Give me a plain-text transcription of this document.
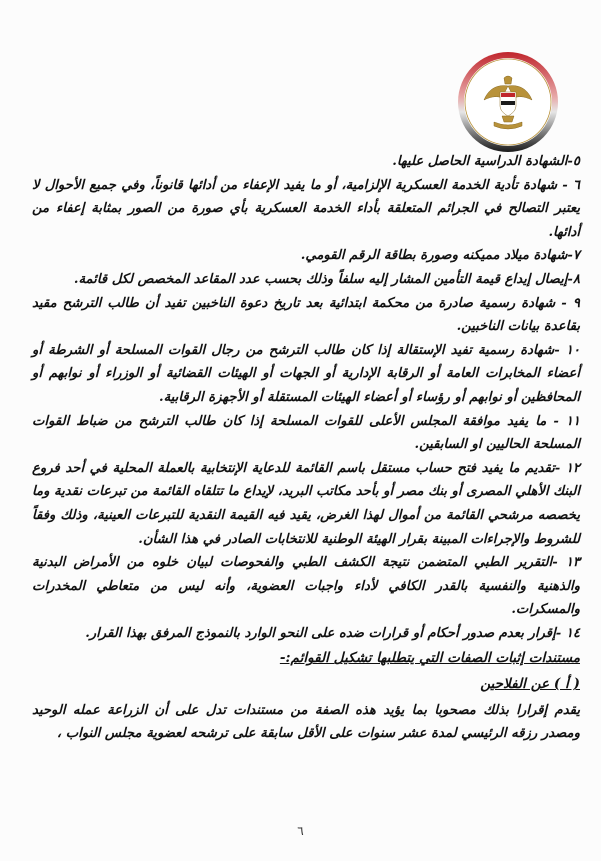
٥-الشهادة الدراسية الحاصل عليها.

٦ - شهادة تأدية الخدمة العسكرية الإلزامية، أو ما يفيد الإعفاء من أدائها قانوناً، وفي جميع الأحوال لا يعتبر التصالح في الجرائم المتعلقة بأداء الخدمة العسكرية بأي صورة من الصور بمثابة إعفاء من أدائها.

٧-شهادة ميلاد مميكنه وصورة بطاقة الرقم القومي.

٨-إيصال إيداع قيمة التأمين المشار إليه سلفاً وذلك بحسب عدد المقاعد المخصص لكل قائمة.

٩ - شهادة رسمية صادرة من محكمة ابتدائية بعد تاريخ دعوة الناخبين تفيد أن طالب الترشح مقيد بقاعدة بيانات الناخبين.

١٠ -شهادة رسمية تفيد الإستقالة إذا كان طالب الترشح من رجال القوات المسلحة أو الشرطة أو أعضاء المخابرات العامة أو الرقابة الإدارية أو الجهات أو الهيئات القضائية أو الوزراء أو نوابهم أو المحافظين أو نوابهم أو رؤساء أو أعضاء الهيئات المستقلة أو الأجهزة الرقابية.

١١ - ما يفيد موافقة المجلس الأعلى للقوات المسلحة إذا كان طالب الترشح من ضباط القوات المسلحة الحاليين او السابقين.

١٢ -تقديم ما يفيد فتح حساب مستقل باسم القائمة للدعاية الإنتخابية بالعملة المحلية في أحد فروع البنك الأهلي المصرى أو بنك مصر أو بأحد مكاتب البريد، لإيداع ما تتلقاه القائمة من تبرعات نقدية وما يخصصه مرشحي القائمة من أموال لهذا الغرض، يقيد فيه القيمة النقدية للتبرعات العينية، وذلك وفقاً للشروط والإجراءات المبينة بقرار الهيئة الوطنية للانتخابات الصادر في هذا الشأن.

١٣ -التقرير الطبي المتضمن نتيجة الكشف الطبي والفحوصات لبيان خلوه من الأمراض البدنية والذهنية والنفسية بالقدر الكافي لأداء واجبات العضوية، وأنه ليس من متعاطي المخدرات والمسكرات.

١٤ -إقرار بعدم صدور أحكام أو قرارات ضده على النحو الوارد بالنموذج المرفق بهذا القرار.

مستندات إثبات الصفات التي يتطلبها تشكيل القوائم:-

( أ ) عن الفلاحين

يقدم إقرارا بذلك مصحوبا بما يؤيد هذه الصفة من مستندات تدل على أن الزراعة عمله الوحيد ومصدر رزقه الرئيسي لمدة عشر سنوات على الأقل سابقة على ترشحه لعضوية مجلس النواب ،

٦
